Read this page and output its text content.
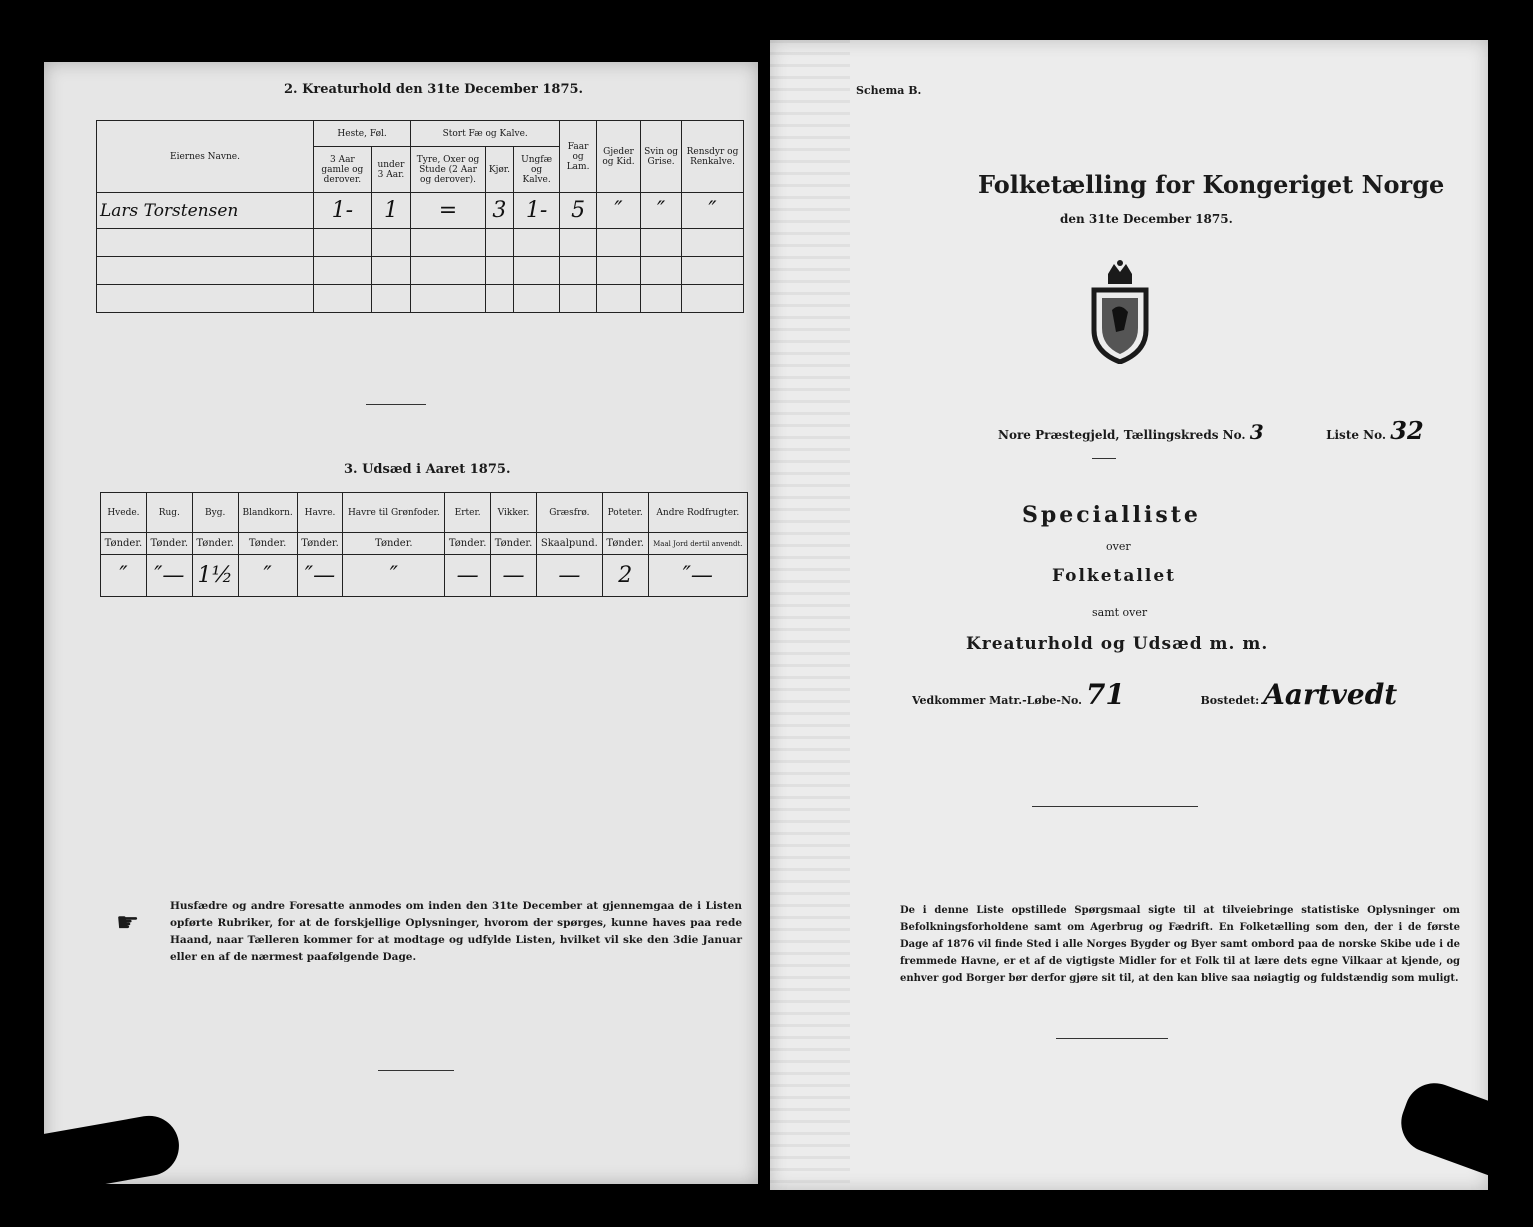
2. Kreaturhold den 31te December 1875.
Eiernes Navne.	Heste, Føl.		Stort Fæ og Kalve.			Faar og Lam.	Gjeder og Kid.	Svin og Grise.	Rensdyr og Renkalve.
	3 Aar gamle og derover.	under 3 Aar.	Tyre, Oxer og Stude (2 Aar og derover).	Kjør.	Ungfæ og Kalve.				
Lars Torstensen	1-	1	=	3	1-	5	″	″	″

3. Udsæd i Aaret 1875.
Hvede.	Rug.	Byg.	Blandkorn.	Havre.	Havre til Grønfoder.	Erter.	Vikker.	Græsfrø.	Poteter.	Andre Rodfrugter.
Tønder.	Tønder.	Tønder.	Tønder.	Tønder.	Tønder.	Tønder.	Tønder.	Skaalpund.	Tønder.	Maal Jord dertil anvendt.
″	″—	1½	″	″—	″	—	—	—	2	″—
☛
Husfædre og andre Foresatte anmodes om inden den 31te December at gjennemgaa de i Listen opførte Rubriker, for at de forskjellige Oplysninger, hvorom der spørges, kunne haves paa rede Haand, naar Tælleren kommer for at modtage og udfylde Listen, hvilket vil ske den 3die Januar eller en af de nærmest paafølgende Dage.
Schema B.
Folketælling for Kongeriget Norge
den 31te December 1875.
Nore Præstegjeld, Tællingskreds No. 3	Liste No. 32
Specialliste
over
Folketallet
samt over
Kreaturhold og Udsæd m. m.
Vedkommer Matr.-Løbe-No. 71	Bostedet: Aartvedt
De i denne Liste opstillede Spørgsmaal sigte til at tilveiebringe statistiske Oplysninger om Befolkningsforholdene samt om Agerbrug og Fædrift. En Folketælling som den, der i de første Dage af 1876 vil finde Sted i alle Norges Bygder og Byer samt ombord paa de norske Skibe ude i de fremmede Havne, er et af de vigtigste Midler for et Folk til at lære dets egne Vilkaar at kjende, og enhver god Borger bør derfor gjøre sit til, at den kan blive saa nøiagtig og fuldstændig som muligt.
